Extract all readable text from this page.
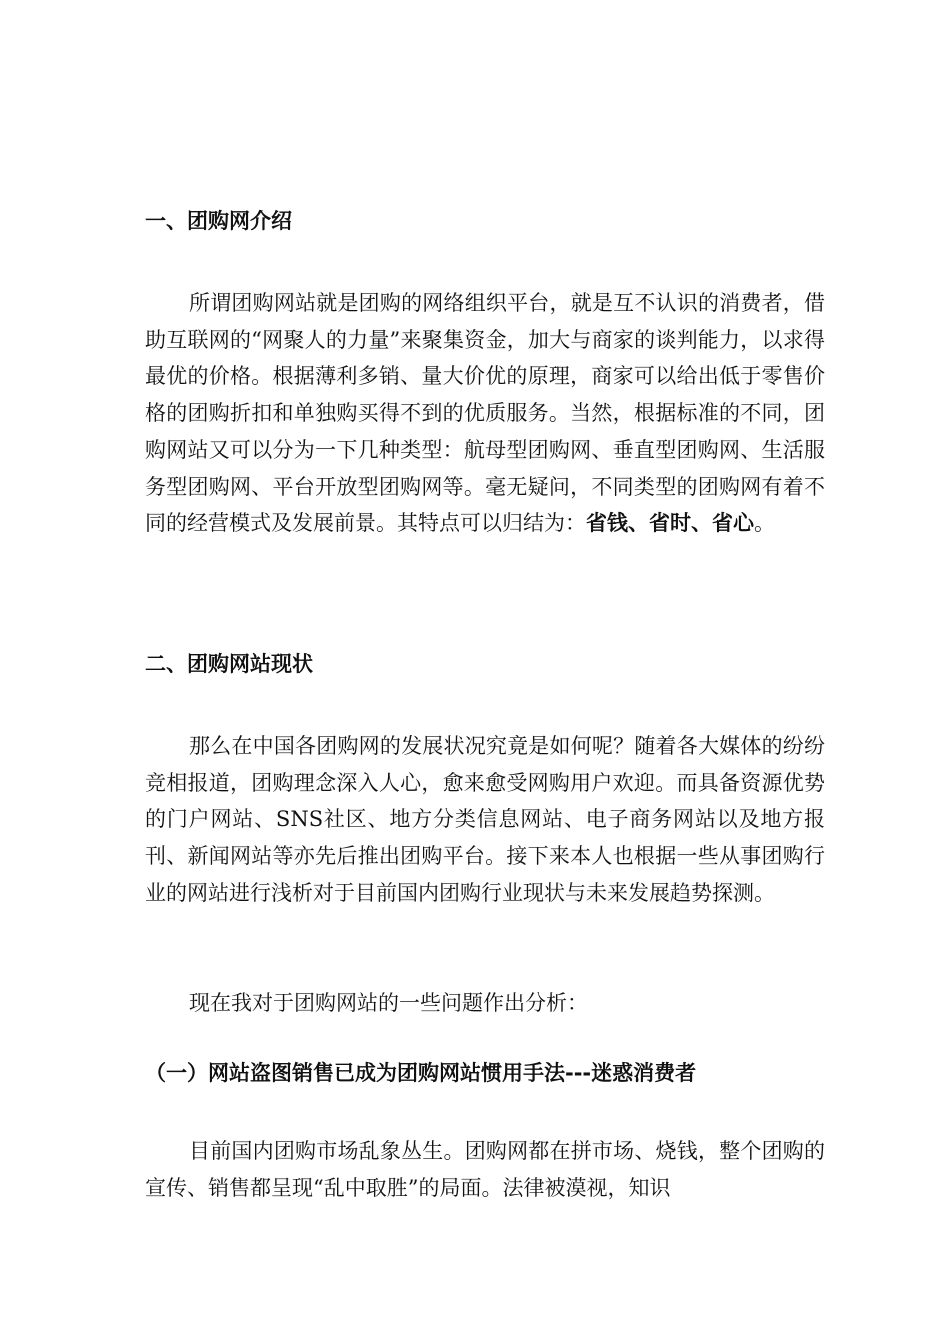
一、团购网介绍

所谓团购网站就是团购的网络组织平台，就是互不认识的消费者，借助互联网的“网聚人的力量”来聚集资金，加大与商家的谈判能力，以求得最优的价格。根据薄利多销、量大价优的原理，商家可以给出低于零售价格的团购折扣和单独购买得不到的优质服务。当然，根据标准的不同，团购网站又可以分为一下几种类型：航母型团购网、垂直型团购网、生活服务型团购网、平台开放型团购网等。毫无疑问，不同类型的团购网有着不同的经营模式及发展前景。其特点可以归结为：省钱、省时、省心。

二、团购网站现状

那么在中国各团购网的发展状况究竟是如何呢？随着各大媒体的纷纷竞相报道，团购理念深入人心，愈来愈受网购用户欢迎。而具备资源优势的门户网站、SNS社区、地方分类信息网站、电子商务网站以及地方报刊、新闻网站等亦先后推出团购平台。接下来本人也根据一些从事团购行业的网站进行浅析对于目前国内团购行业现状与未来发展趋势探测。

现在我对于团购网站的一些问题作出分析：

（一）网站盗图销售已成为团购网站惯用手法---迷惑消费者

目前国内团购市场乱象丛生。团购网都在拼市场、烧钱，整个团购的宣传、销售都呈现“乱中取胜”的局面。法律被漠视，知识
